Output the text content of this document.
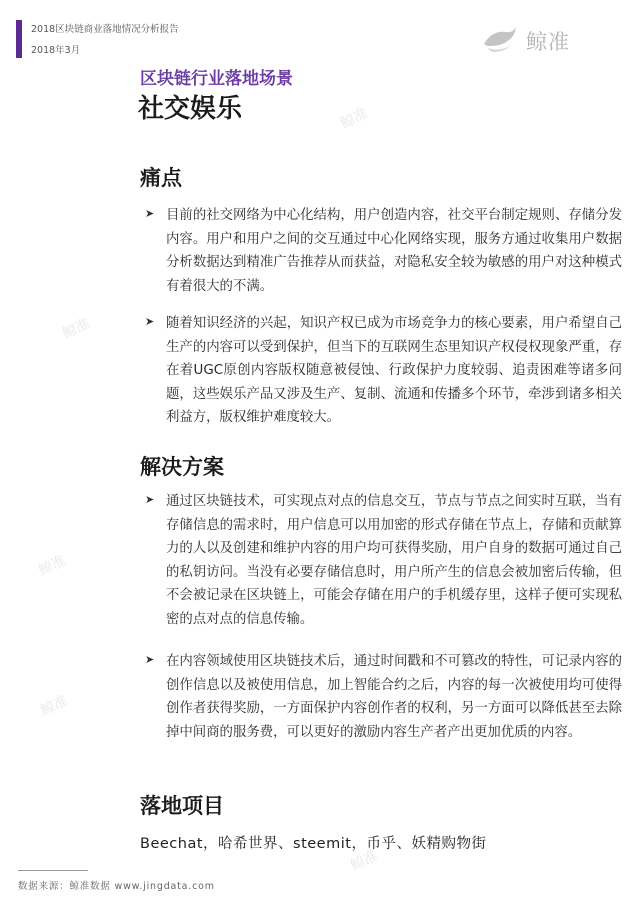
鲸准
鲸准
鲸准
鲸准
鲸准
2018区块链商业落地情况分析报告
2018年3月	鲸准
区块链行业落地场景
社交娱乐
痛点
➤ 目前的社交网络为中心化结构，用户创造内容，社交平台制定规则、存储分发内容。用户和用户之间的交互通过中心化网络实现，服务方通过收集用户数据分析数据达到精准广告推荐从而获益，对隐私安全较为敏感的用户对这种模式有着很大的不满。
➤ 随着知识经济的兴起，知识产权已成为市场竞争力的核心要素，用户希望自己生产的内容可以受到保护，但当下的互联网生态里知识产权侵权现象严重，存在着UGC原创内容版权随意被侵蚀、行政保护力度较弱、追责困难等诸多问题，这些娱乐产品又涉及生产、复制、流通和传播多个环节，牵涉到诸多相关利益方，版权维护难度较大。
解决方案
➤ 通过区块链技术，可实现点对点的信息交互，节点与节点之间实时互联，当有存储信息的需求时，用户信息可以用加密的形式存储在节点上，存储和贡献算力的人以及创建和维护内容的用户均可获得奖励，用户自身的数据可通过自己的私钥访问。当没有必要存储信息时，用户所产生的信息会被加密后传输，但不会被记录在区块链上，可能会存储在用户的手机缓存里，这样子便可实现私密的点对点的信息传输。
➤ 在内容领域使用区块链技术后，通过时间戳和不可篡改的特性，可记录内容的创作信息以及被使用信息，加上智能合约之后，内容的每一次被使用均可使得创作者获得奖励，一方面保护内容创作者的权利，另一方面可以降低甚至去除掉中间商的服务费，可以更好的激励内容生产者产出更加优质的内容。
落地项目
Beechat，哈希世界、steemit，币乎、妖精购物街
数据来源：鲸准数据 www.jingdata.com
